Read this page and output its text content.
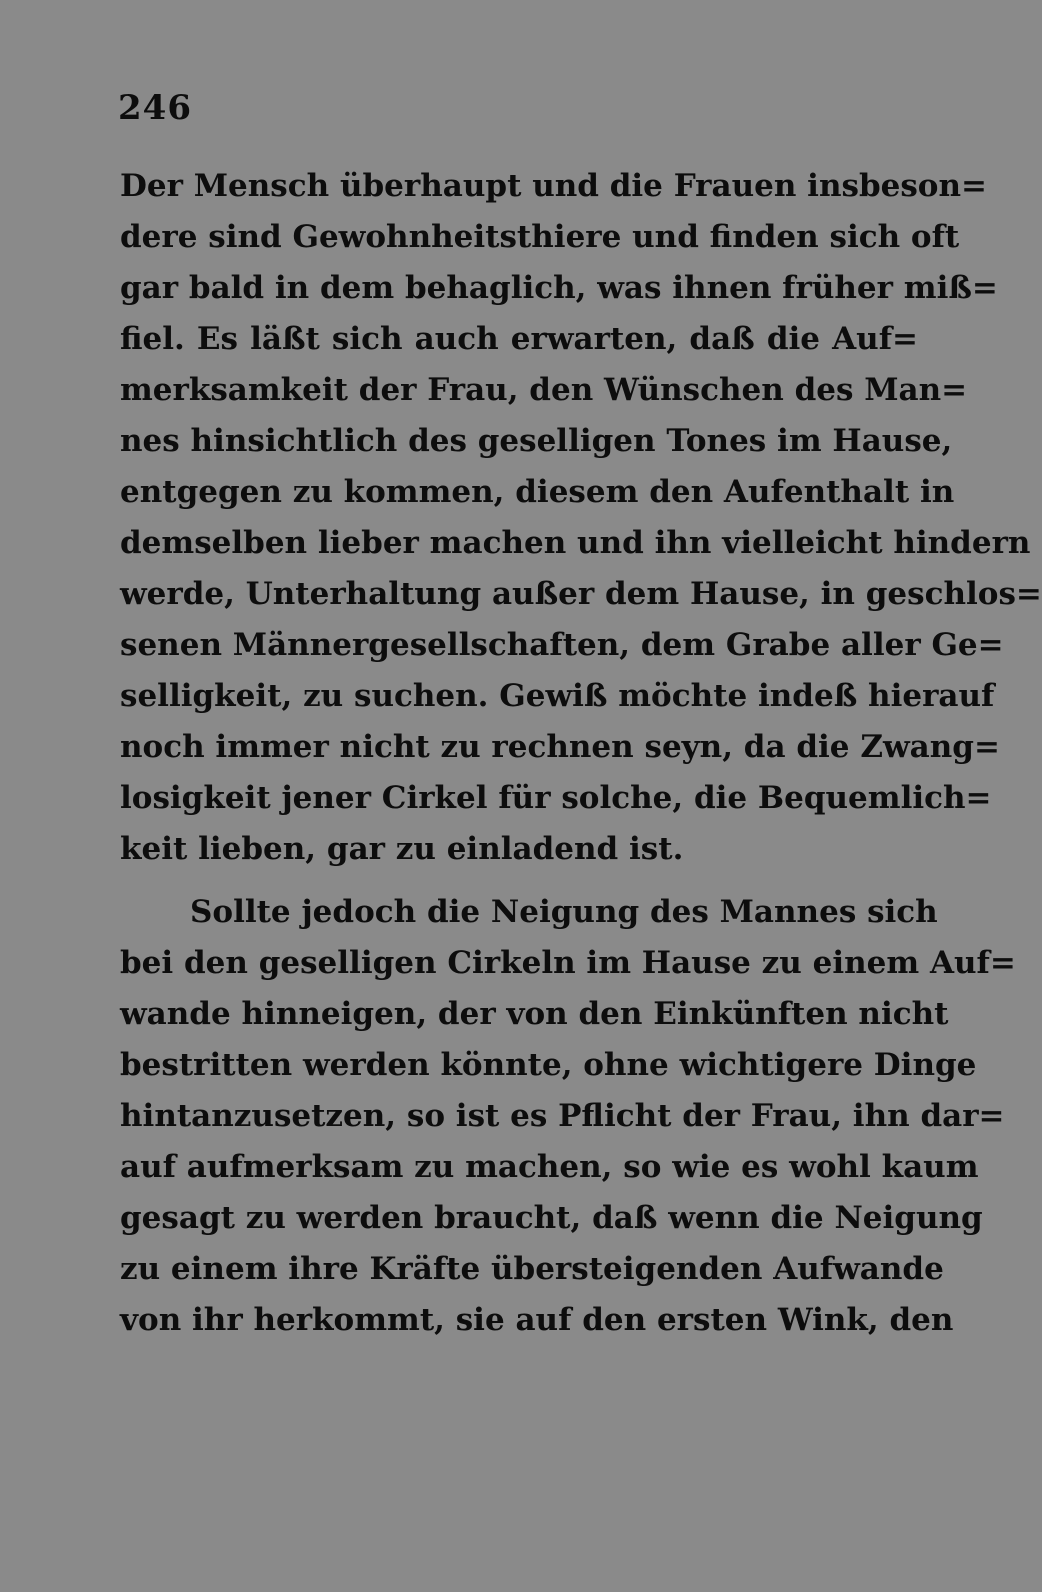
246
Der Mensch überhaupt und die Frauen insbeson=
dere sind Gewohnheitsthiere und finden sich oft
gar bald in dem behaglich, was ihnen früher miß=
fiel. Es läßt sich auch erwarten, daß die Auf=
merksamkeit der Frau, den Wünschen des Man=
nes hinsichtlich des geselligen Tones im Hause,
entgegen zu kommen, diesem den Aufenthalt in
demselben lieber machen und ihn vielleicht hindern
werde, Unterhaltung außer dem Hause, in geschlos=
senen Männergesellschaften, dem Grabe aller Ge=
selligkeit, zu suchen. Gewiß möchte indeß hierauf
noch immer nicht zu rechnen seyn, da die Zwang=
losigkeit jener Cirkel für solche, die Bequemlich=
keit lieben, gar zu einladend ist.
Sollte jedoch die Neigung des Mannes sich
bei den geselligen Cirkeln im Hause zu einem Auf=
wande hinneigen, der von den Einkünften nicht
bestritten werden könnte, ohne wichtigere Dinge
hintanzusetzen, so ist es Pflicht der Frau, ihn dar=
auf aufmerksam zu machen, so wie es wohl kaum
gesagt zu werden braucht, daß wenn die Neigung
zu einem ihre Kräfte übersteigenden Aufwande
von ihr herkommt, sie auf den ersten Wink, den
